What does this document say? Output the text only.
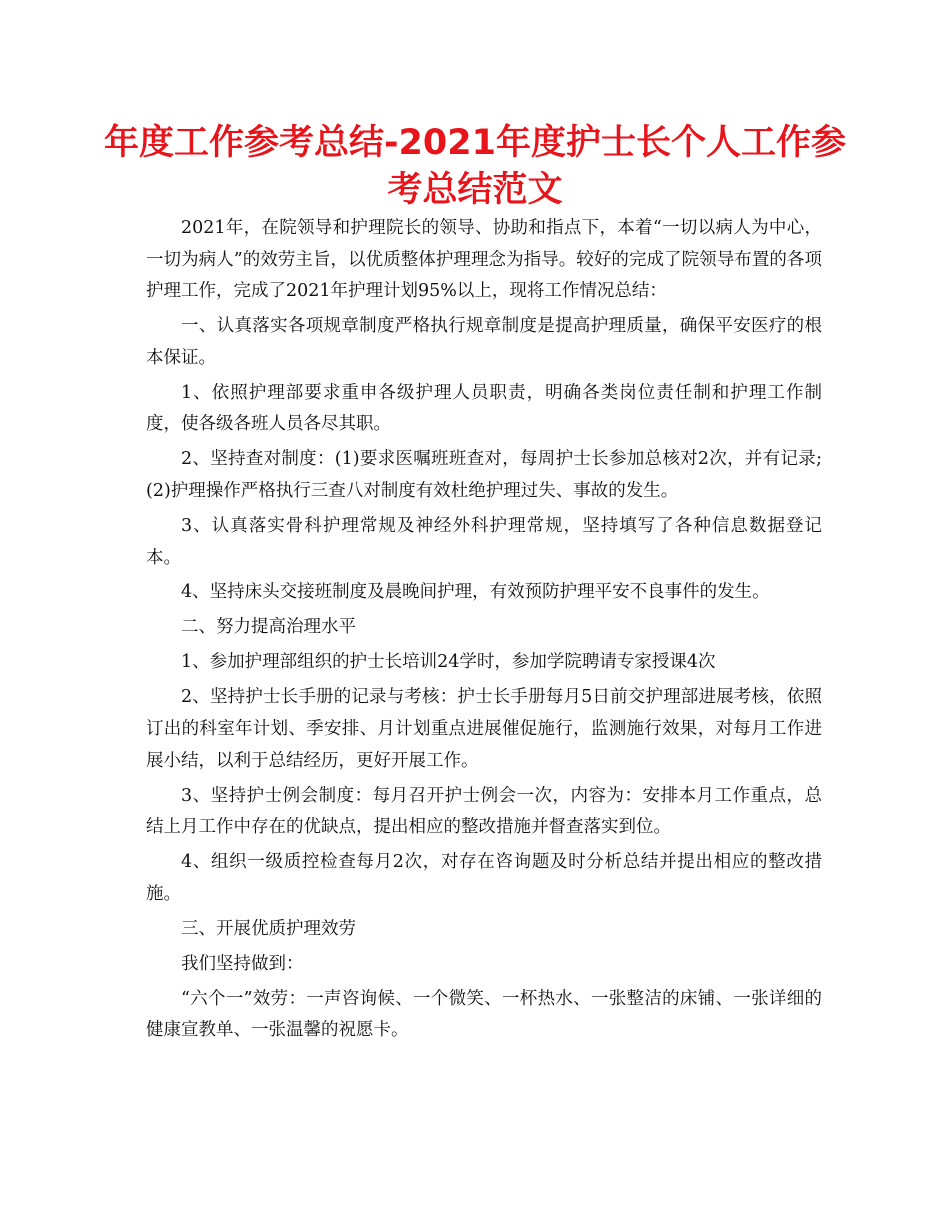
年度工作参考总结-2021年度护士长个人工作参考总结范文

2021年，在院领导和护理院长的领导、协助和指点下，本着“一切以病人为中心，一切为病人”的效劳主旨，以优质整体护理理念为指导。较好的完成了院领导布置的各项护理工作，完成了2021年护理计划95%以上，现将工作情况总结：

一、认真落实各项规章制度严格执行规章制度是提高护理质量，确保平安医疗的根本保证。

1、依照护理部要求重申各级护理人员职责，明确各类岗位责任制和护理工作制度，使各级各班人员各尽其职。

2、坚持查对制度：(1)要求医嘱班班查对，每周护士长参加总核对2次，并有记录;(2)护理操作严格执行三查八对制度有效杜绝护理过失、事故的发生。

3、认真落实骨科护理常规及神经外科护理常规，坚持填写了各种信息数据登记本。

4、坚持床头交接班制度及晨晚间护理，有效预防护理平安不良事件的发生。

二、努力提高治理水平

1、参加护理部组织的护士长培训24学时，参加学院聘请专家授课4次

2、坚持护士长手册的记录与考核：护士长手册每月5日前交护理部进展考核，依照订出的科室年计划、季安排、月计划重点进展催促施行，监测施行效果，对每月工作进展小结，以利于总结经历，更好开展工作。

3、坚持护士例会制度：每月召开护士例会一次，内容为：安排本月工作重点，总结上月工作中存在的优缺点，提出相应的整改措施并督查落实到位。

4、组织一级质控检查每月2次，对存在咨询题及时分析总结并提出相应的整改措施。

三、开展优质护理效劳

我们坚持做到：

“六个一”效劳：一声咨询候、一个微笑、一杯热水、一张整洁的床铺、一张详细的健康宣教单、一张温馨的祝愿卡。
